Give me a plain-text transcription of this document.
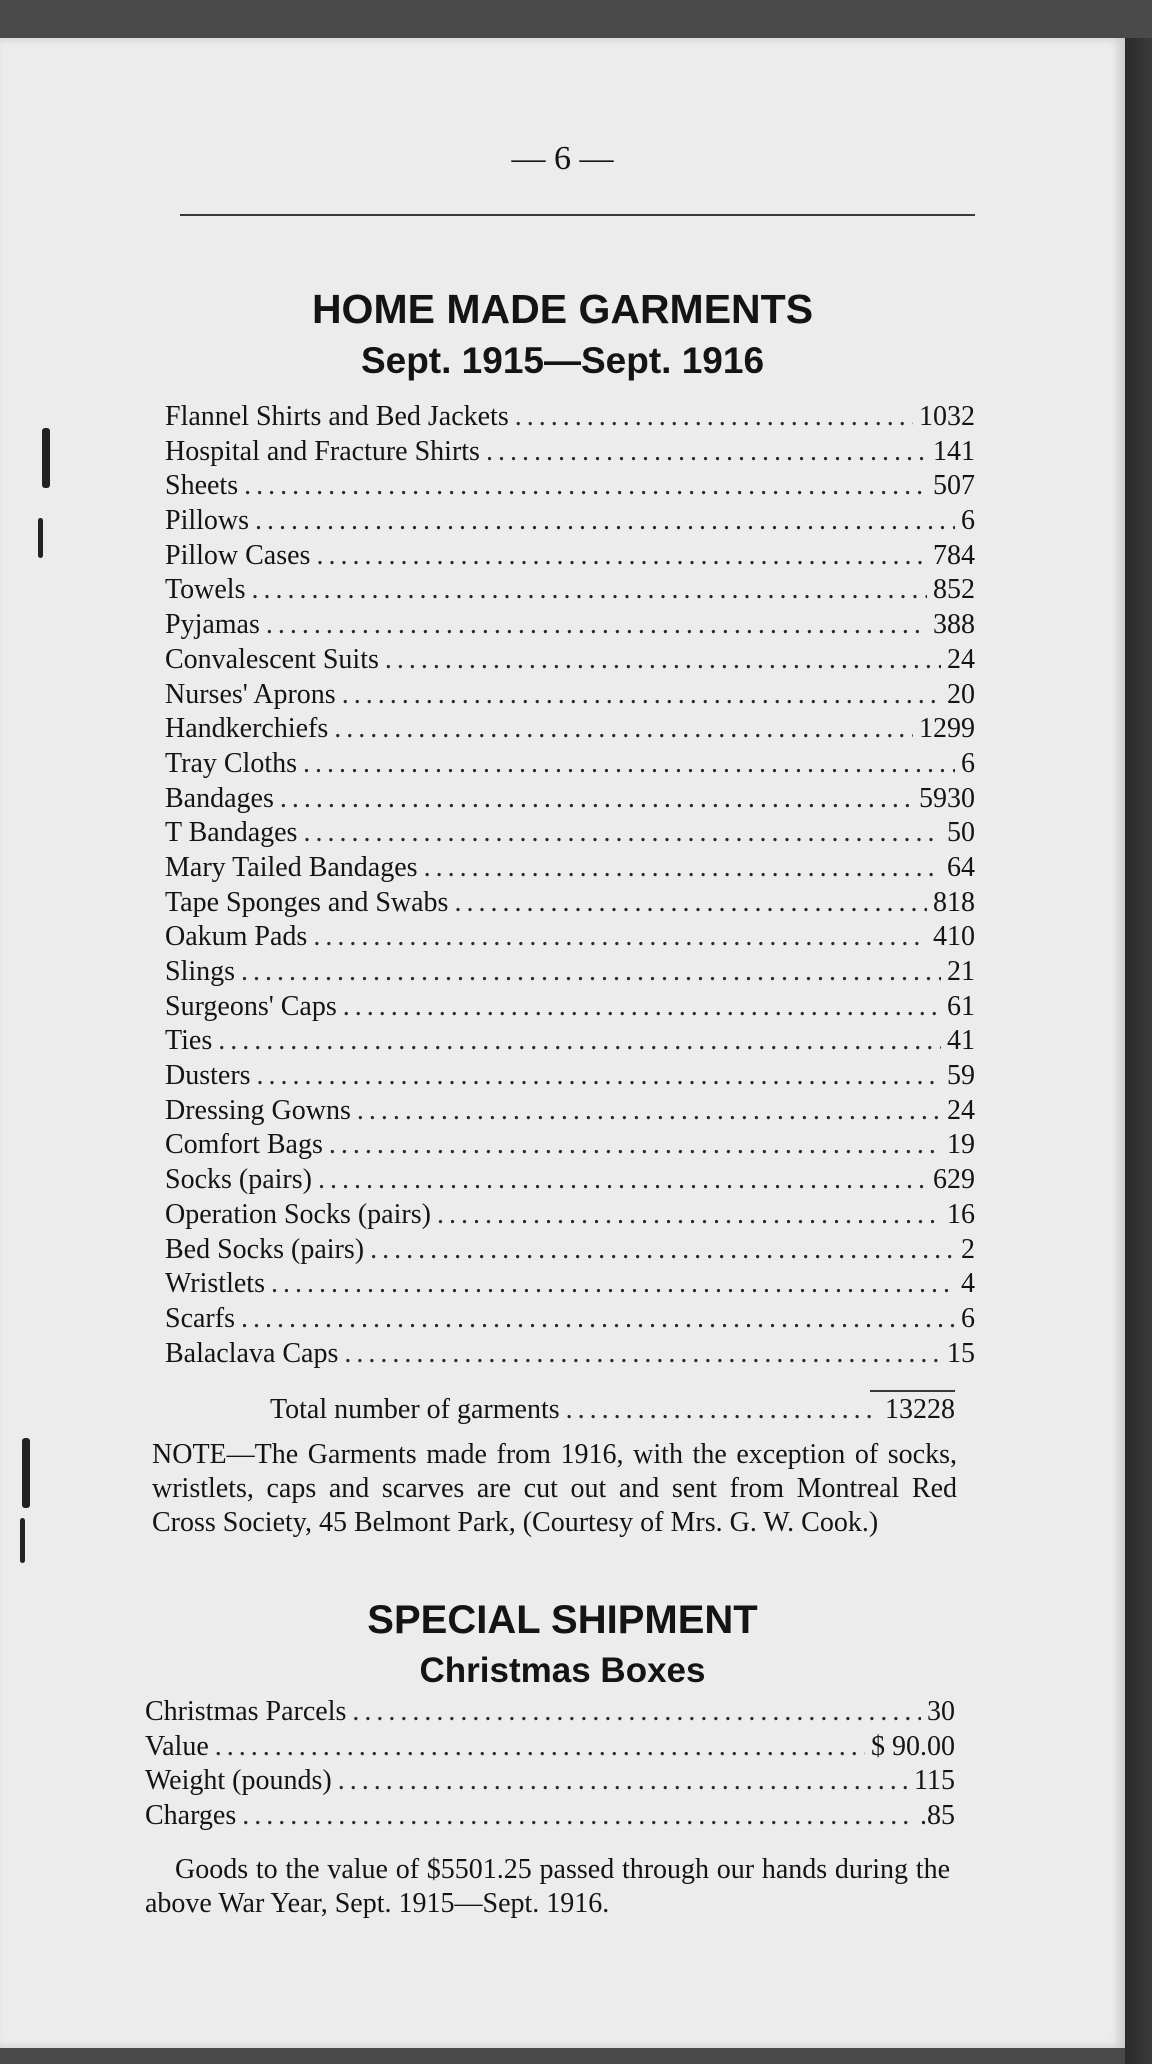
— 6 —
HOME MADE GARMENTS
Sept. 1915—Sept. 1916
Flannel Shirts and Bed Jackets .....	1032
Hospital and Fracture Shirts .....	141
Sheets .....	507
Pillows .....	6
Pillow Cases .....	784
Towels .....	852
Pyjamas .....	388
Convalescent Suits .....	24
Nurses' Aprons .....	20
Handkerchiefs .....	1299
Tray Cloths .....	6
Bandages .....	5930
T Bandages .....	50
Mary Tailed Bandages .....	64
Tape Sponges and Swabs .....	818
Oakum Pads .....	410
Slings .....	21
Surgeons' Caps .....	61
Ties .....	41
Dusters .....	59
Dressing Gowns .....	24
Comfort Bags .....	19
Socks (pairs) .....	629
Operation Socks (pairs) .....	16
Bed Socks (pairs) .....	2
Wristlets .....	4
Scarfs .....	6
Balaclava Caps .....	15
Total number of garments .....	13228
NOTE—The Garments made from 1916, with the exception of socks, wristlets, caps and scarves are cut out and sent from Montreal Red Cross Society, 45 Belmont Park, (Courtesy of Mrs. G. W. Cook.)
SPECIAL SHIPMENT
Christmas Boxes
Christmas Parcels .....	30
Value .....	$ 90.00
Weight (pounds) .....	115
Charges .....	.85
Goods to the value of $5501.25 passed through our hands during the above War Year, Sept. 1915—Sept. 1916.
